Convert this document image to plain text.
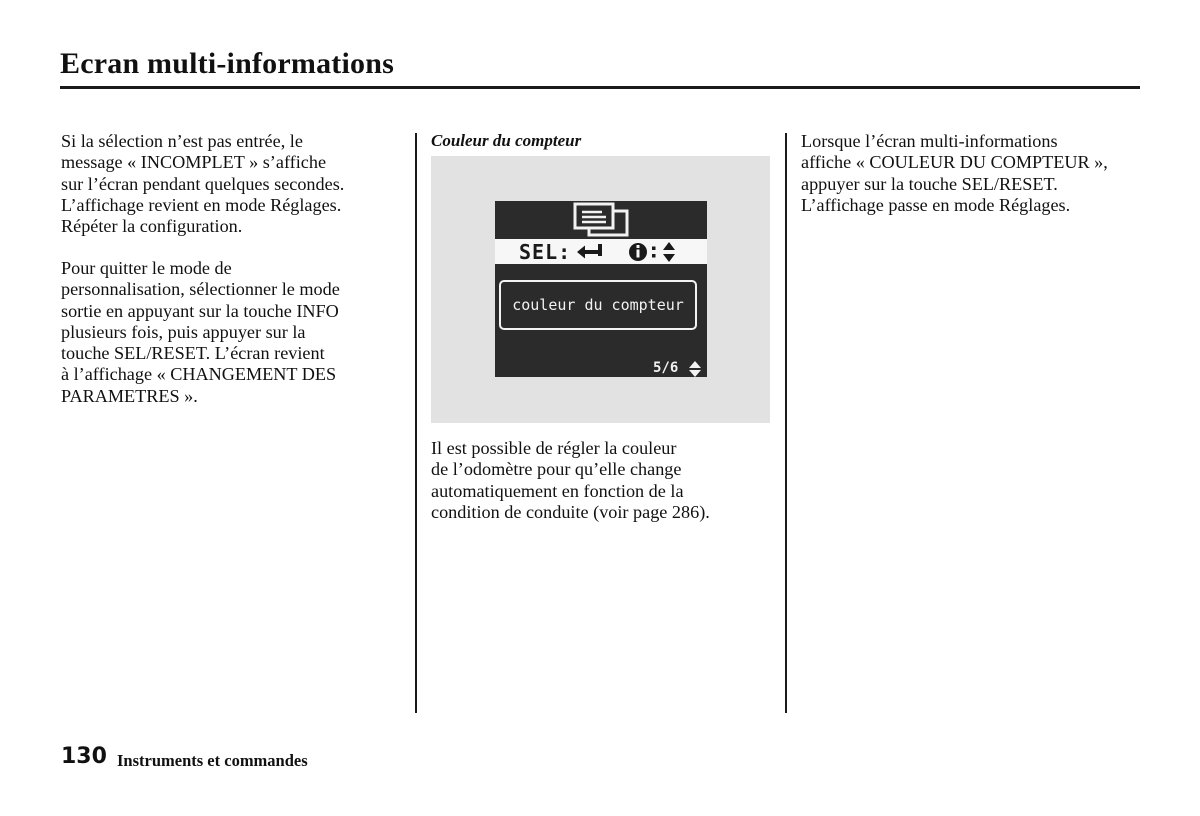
Ecran multi-informations

Si la sélection n’est pas entrée, le
message « INCOMPLET » s’affiche
sur l’écran pendant quelques secondes.
L’affichage revient en mode Réglages.
Répéter la configuration.

Pour quitter le mode de
personnalisation, sélectionner le mode
sortie en appuyant sur la touche INFO
plusieurs fois, puis appuyer sur la
touche SEL/RESET. L’écran revient
à l’affichage « CHANGEMENT DES
PARAMETRES ».

Couleur du compteur
SEL:
couleur du compteur
5/6

Il est possible de régler la couleur
de l’odomètre pour qu’elle change
automatiquement en fonction de la
condition de conduite (voir page 286).

Lorsque l’écran multi-informations
affiche « COULEUR DU COMPTEUR »,
appuyer sur la touche SEL/RESET.
L’affichage passe en mode Réglages.

130 Instruments et commandes
